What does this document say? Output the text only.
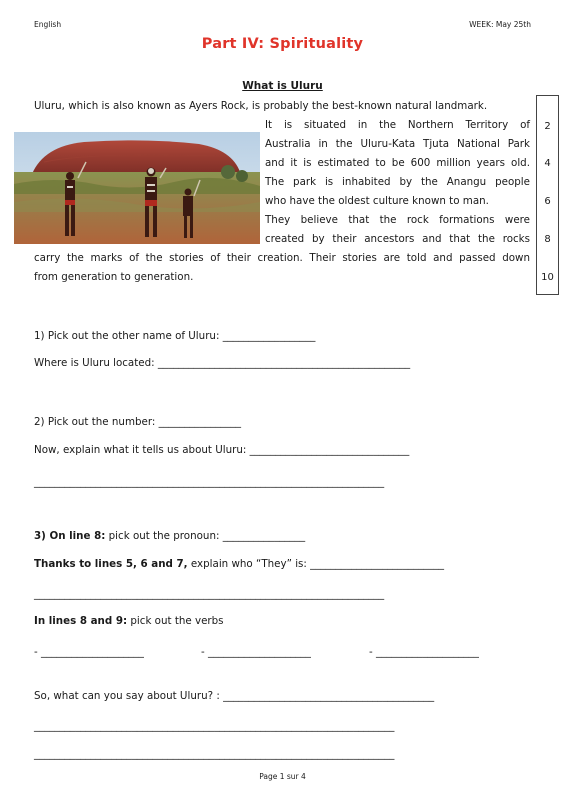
English	WEEK: May 25th
Part IV: Spirituality
What is Uluru
Uluru, which is also known as Ayers Rock, is probably the best-known natural landmark.
It is situated in the Northern Territory of
Australia in the Uluru-Kata Tjuta National Park
and it is estimated to be 600 million years old.
The park is inhabited by the Anangu people
who have the oldest culture known to man.
They believe that the rock formations were
created by their ancestors and that the rocks
carry the marks of the stories of their creation. Their stories are told and passed down
from generation to generation.
2
4
6
8
10
1) Pick out the other name of Uluru: __________________
Where is Uluru located: _________________________________________________
2) Pick out the number: ________________
Now, explain what it tells us about Uluru: _______________________________
____________________________________________________________________
3) On line 8: pick out the pronoun: ________________
Thanks to lines 5, 6 and 7, explain who “They” is: __________________________
____________________________________________________________________
In lines 8 and 9: pick out the verbs
- ____________________	- ____________________	- ____________________
So, what can you say about Uluru? : _________________________________________
______________________________________________________________________
______________________________________________________________________
Page 1 sur 4
